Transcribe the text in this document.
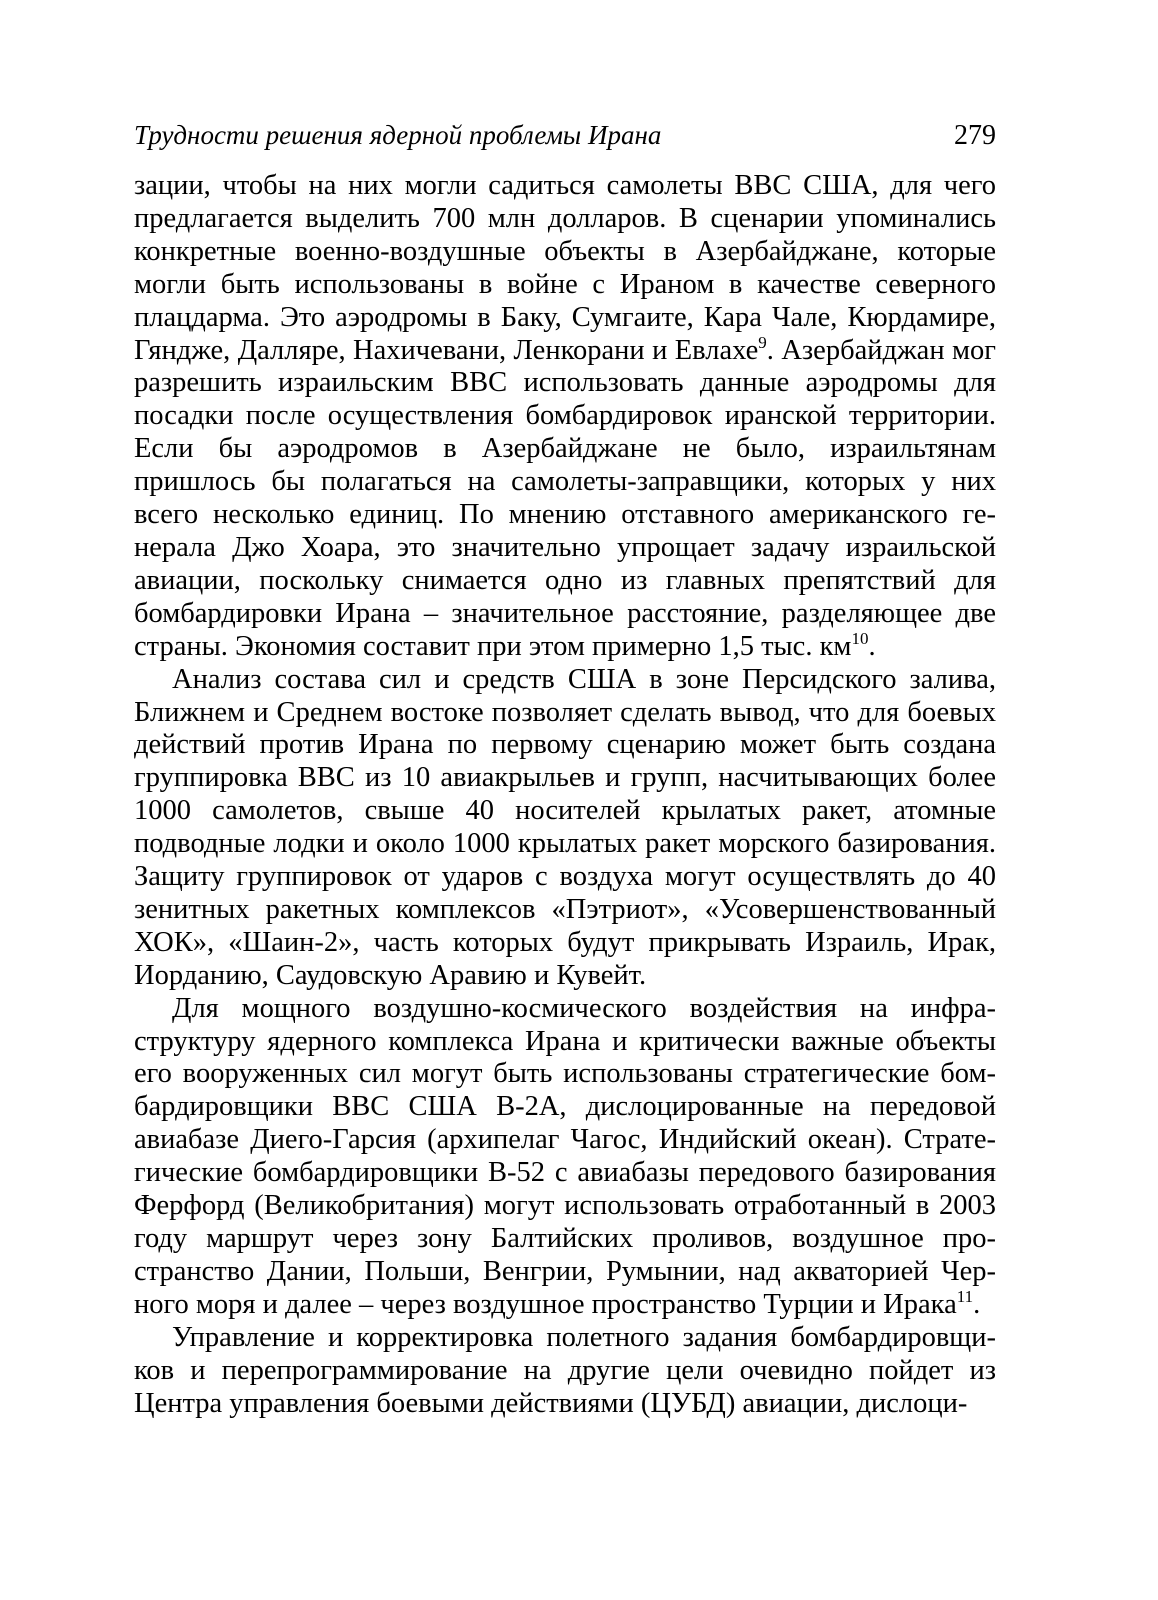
Трудности решения ядерной проблемы Ирана	279

зации, чтобы на них могли садиться самолеты ВВС США, для чего предлагается выделить 700 млн долларов. В сценарии упоминались конкретные военно-воздушные объекты в Азербайджане, которые могли быть использованы в войне с Ираном в качестве северного плацдарма. Это аэродромы в Баку, Сумгаите, Кара Чале, Кюрдамире, Гяндже, Далляре, Нахичевани, Ленкорани и Евлахе$^9$. Азербайджан мог разрешить израильским ВВС использовать данные аэродромы для посадки после осуществления бомбардировок иранской территории. Если бы аэродромов в Азербайджане не было, израильтянам пришлось бы полагаться на самолеты-заправщики, которых у них всего несколько единиц. По мнению отставного американского генерала Джо Хоара, это значительно упрощает задачу израильской авиации, поскольку снимается одно из главных препятствий для бомбардировки Ирана – значительное расстояние, разделяющее две страны. Экономия составит при этом примерно 1,5 тыс. $км^{10}$.

Анализ состава сил и средств США в зоне Персидского залива, Ближнем и Среднем востоке позволяет сделать вывод, что для боевых действий против Ирана по первому сценарию может быть создана группировка ВВС из 10 авиакрыльев и групп, насчитывающих более 1000 самолетов, свыше 40 носителей крылатых ракет, атомные подводные лодки и около 1000 крылатых ракет морского базирования. Защиту группировок от ударов с воздуха могут осуществлять до 40 зенитных ракетных комплексов «Пэтриот», «Усовершенствованный ХОК», «Шаин-2», часть которых будут прикрывать Израиль, Ирак, Иорданию, Саудовскую Аравию и Кувейт.

Для мощного воздушно-космического воздействия на инфраструктуру ядерного комплекса Ирана и критически важные объекты его вооруженных сил могут быть использованы стратегические бомбардировщики ВВС США В-2А, дислоцированные на передовой авиабазе Диего-Гарсия (архипелаг Чагос, Индийский океан). Стратегические бомбардировщики В-52 с авиабазы передового базирования Ферфорд (Великобритания) могут использовать отработанный в 2003 году маршрут через зону Балтийских проливов, воздушное пространство Дании, Польши, Венгрии, Румынии, над акваторией Черного моря и далее – через воздушное пространство Турции и Ирака$^{11}$.

Управление и корректировка полетного задания бомбардировщиков и перепрограммирование на другие цели очевидно пойдет из Центра управления боевыми действиями (ЦУБД) авиации, дислоци-
